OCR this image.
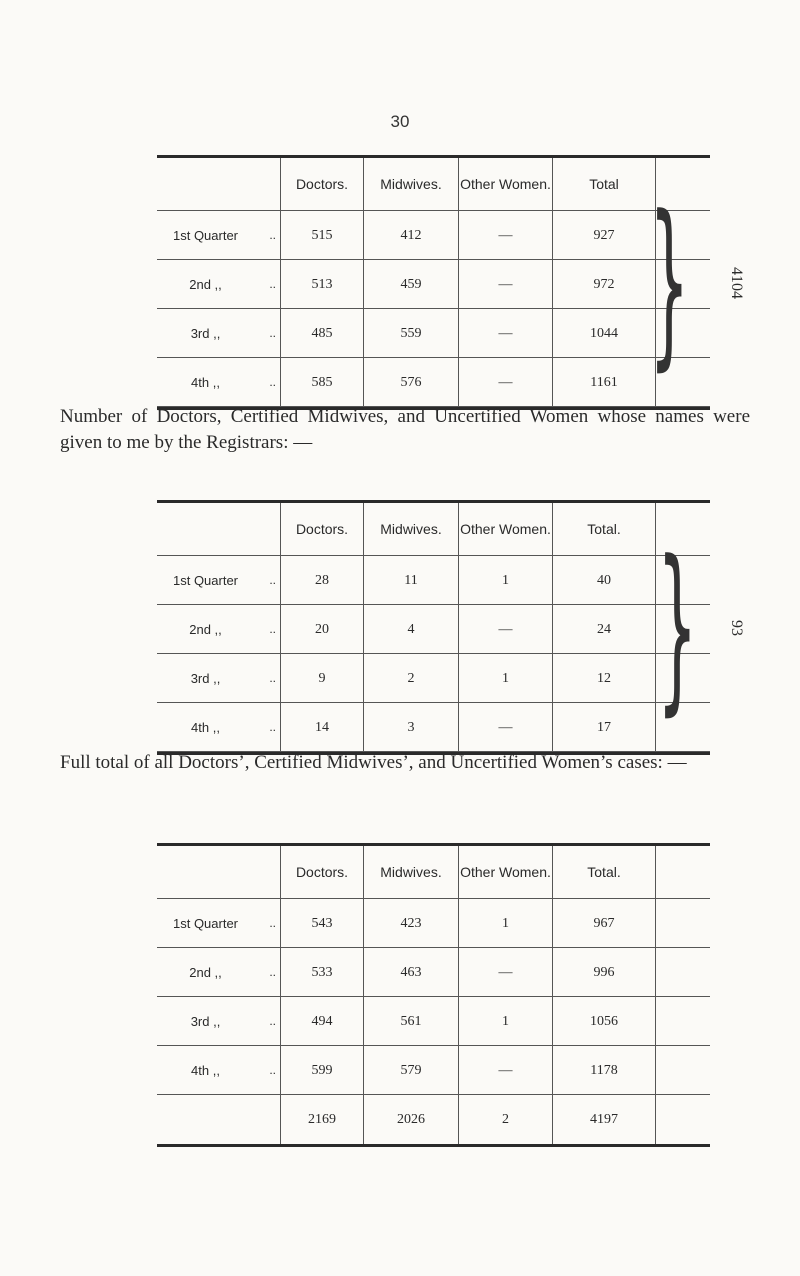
30
Doctors.	Midwives.	Other Women.	Total
1st Quarter	..	515	412	—	927
2nd ,,	..	513	459	—	972
3rd ,,	..	485	559	—	1044
4th ,,	..	585	576	—	1161 } 4104
Number of Doctors, Certified Midwives, and Uncertified Women whose names were given to me by the Registrars: —
Doctors.	Midwives.	Other Women.	Total.
1st Quarter	..	28	11	1	40
2nd ,,	..	20	4	—	24
3rd ,,	..	9	2	1	12
4th ,,	..	14	3	—	17 } 93
Full total of all Doctors’, Certified Midwives’, and Uncertified Women’s cases: —
Doctors.	Midwives.	Other Women.	Total.
1st Quarter	..	543	423	1	967
2nd ,,	..	533	463	—	996
3rd ,,	..	494	561	1	1056
4th ,,	..	599	579	—	1178
2169	2026	2	4197
